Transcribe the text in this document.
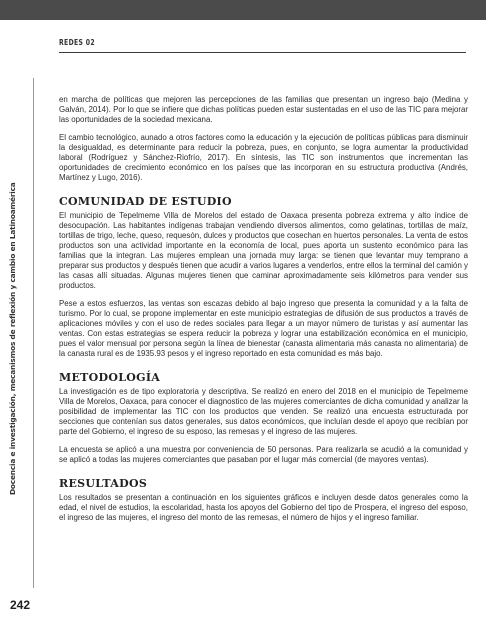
REDES 02
Docencia e investigación, mecanismos de reflexión y cambio en Latinoamérica
242

en marcha de políticas que mejoren las percepciones de las familias que presentan un ingreso bajo (Medina y Galván, 2014). Por lo que se infiere que dichas políticas pueden estar sustentadas en el uso de las TIC para mejorar las oportunidades de la sociedad mexicana.

El cambio tecnológico, aunado a otros factores como la educación y la ejecución de políticas públicas para disminuir la desigualdad, es determinante para reducir la pobreza, pues, en conjunto, se logra aumentar la productividad laboral (Rodríguez y Sánchez-Riofrío, 2017). En síntesis, las TIC son instrumentos que incrementan las oportunidades de crecimiento económico en los países que las incorporan en su estructura productiva (Andrés, Martínez y Lugo, 2016).

COMUNIDAD DE ESTUDIO

El municipio de Tepelmeme Villa de Morelos del estado de Oaxaca presenta pobreza extrema y alto índice de desocupación. Las habitantes indígenas trabajan vendiendo diversos alimentos, como gelatinas, tortillas de maíz, tortillas de trigo, leche, queso, requesón, dulces y productos que cosechan en huertos personales. La venta de estos productos son una actividad importante en la economía de local, pues aporta un sustento económico para las familias que la integran. Las mujeres emplean una jornada muy larga: se tienen que levantar muy temprano a preparar sus productos y después tienen que acudir a varios lugares a venderlos, entre ellos la terminal del camión y las casas allí situadas. Algunas mujeres tienen que caminar aproximadamente seis kilómetros para vender sus productos.

Pese a estos esfuerzos, las ventas son escazas debido al bajo ingreso que presenta la comunidad y a la falta de turismo. Por lo cual, se propone implementar en este municipio estrategias de difusión de sus productos a través de aplicaciones móviles y con el uso de redes sociales para llegar a un mayor número de turistas y así aumentar las ventas. Con estas estrategias se espera reducir la pobreza y lograr una estabilización económica en el municipio, pues el valor mensual por persona según la línea de bienestar (canasta alimentaria más canasta no alimentaria) de la canasta rural es de 1935.93 pesos y el ingreso reportado en esta comunidad es más bajo.

METODOLOGÍA

La investigación es de tipo exploratoria y descriptiva. Se realizó en enero del 2018 en el municipio de Tepelmeme Villa de Morelos, Oaxaca, para conocer el diagnostico de las mujeres comerciantes de dicha comunidad y analizar la posibilidad de implementar las TIC con los productos que venden. Se realizó una encuesta estructurada por secciones que contenían sus datos generales, sus datos económicos, que incluían desde el apoyo que recibían por parte del Gobierno, el ingreso de su esposo, las remesas y el ingreso de las mujeres.

La encuesta se aplicó a una muestra por conveniencia de 50 personas. Para realizarla se acudió a la comunidad y se aplicó a todas las mujeres comerciantes que pasaban por el lugar más comercial (de mayores ventas).

RESULTADOS

Los resultados se presentan a continuación en los siguientes gráficos e incluyen desde datos generales como la edad, el nivel de estudios, la escolaridad, hasta los apoyos del Gobierno del tipo de Prospera, el ingreso del esposo, el ingreso de las mujeres, el ingreso del monto de las remesas, el número de hijos y el ingreso familiar.
